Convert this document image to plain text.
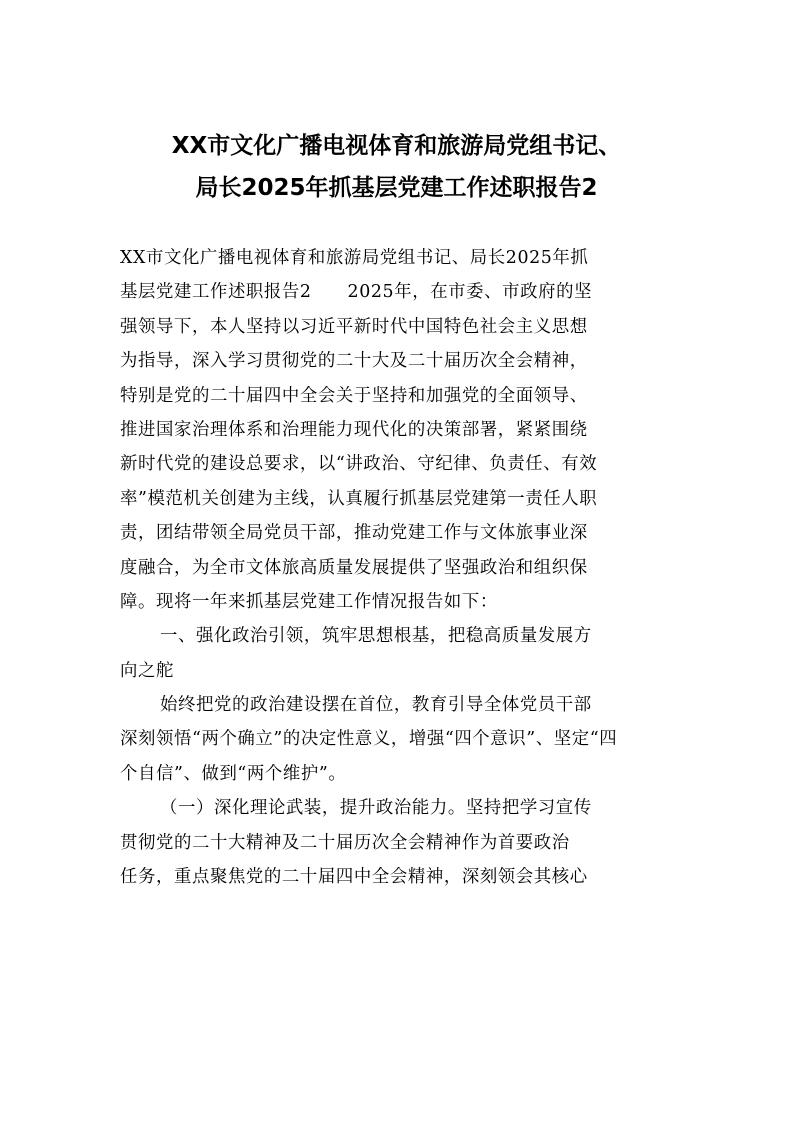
XX市文化广播电视体育和旅游局党组书记、
局长2025年抓基层党建工作述职报告2
XX市文化广播电视体育和旅游局党组书记、局长2025年抓
基层党建工作述职报告2　　2025年，在市委、市政府的坚
强领导下，本人坚持以习近平新时代中国特色社会主义思想
为指导，深入学习贯彻党的二十大及二十届历次全会精神，
特别是党的二十届四中全会关于坚持和加强党的全面领导、
推进国家治理体系和治理能力现代化的决策部署，紧紧围绕
新时代党的建设总要求，以“讲政治、守纪律、负责任、有效
率”模范机关创建为主线，认真履行抓基层党建第一责任人职
责，团结带领全局党员干部，推动党建工作与文体旅事业深
度融合，为全市文体旅高质量发展提供了坚强政治和组织保
障。现将一年来抓基层党建工作情况报告如下：
一、强化政治引领，筑牢思想根基，把稳高质量发展方
向之舵
始终把党的政治建设摆在首位，教育引导全体党员干部
深刻领悟“两个确立”的决定性意义，增强“四个意识”、坚定“四
个自信”、做到“两个维护”。
（一）深化理论武装，提升政治能力。坚持把学习宣传
贯彻党的二十大精神及二十届历次全会精神作为首要政治
任务，重点聚焦党的二十届四中全会精神，深刻领会其核心
